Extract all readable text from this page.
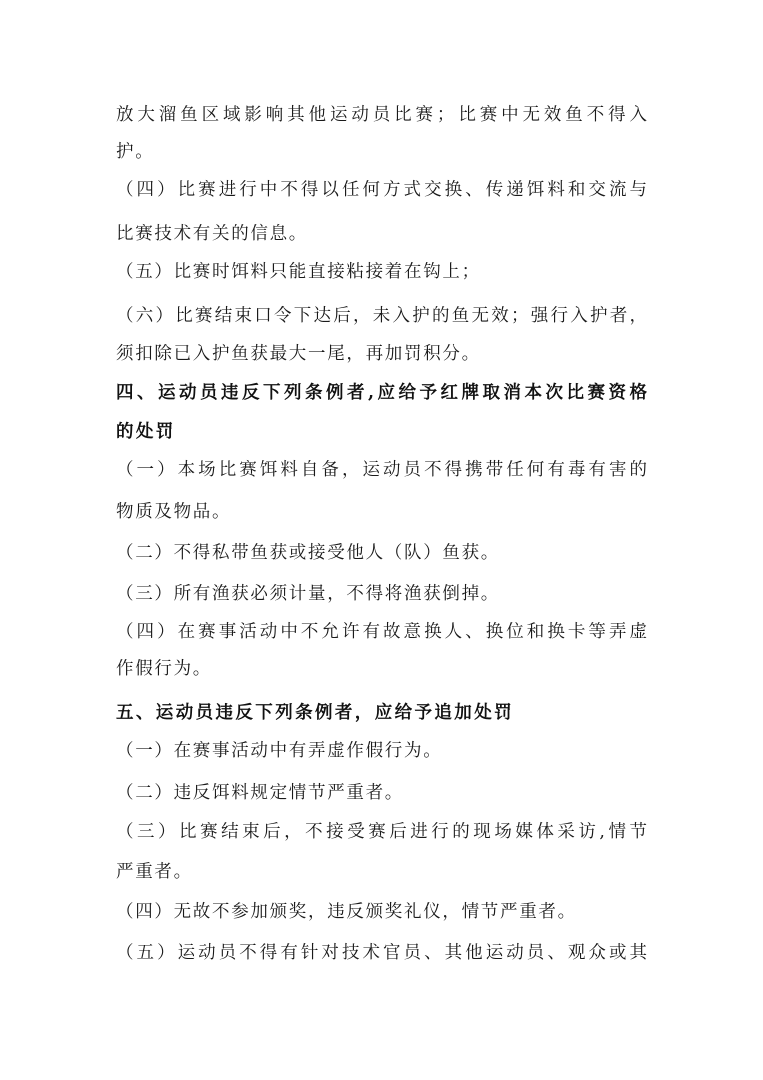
放大溜鱼区域影响其他运动员比赛；比赛中无效鱼不得入

护。

（四）比赛进行中不得以任何方式交换、传递饵料和交流与

比赛技术有关的信息。

（五）比赛时饵料只能直接粘接着在钩上；

（六）比赛结束口令下达后，未入护的鱼无效；强行入护者，

须扣除已入护鱼获最大一尾，再加罚积分。

四、运动员违反下列条例者,应给予红牌取消本次比赛资格

的处罚

（一）本场比赛饵料自备，运动员不得携带任何有毒有害的

物质及物品。

（二）不得私带鱼获或接受他人（队）鱼获。

（三）所有渔获必须计量，不得将渔获倒掉。

（四）在赛事活动中不允许有故意换人、换位和换卡等弄虚

作假行为。

五、运动员违反下列条例者，应给予追加处罚

（一）在赛事活动中有弄虚作假行为。

（二）违反饵料规定情节严重者。

（三）比赛结束后，不接受赛后进行的现场媒体采访,情节

严重者。

（四）无故不参加颁奖，违反颁奖礼仪，情节严重者。

（五）运动员不得有针对技术官员、其他运动员、观众或其
